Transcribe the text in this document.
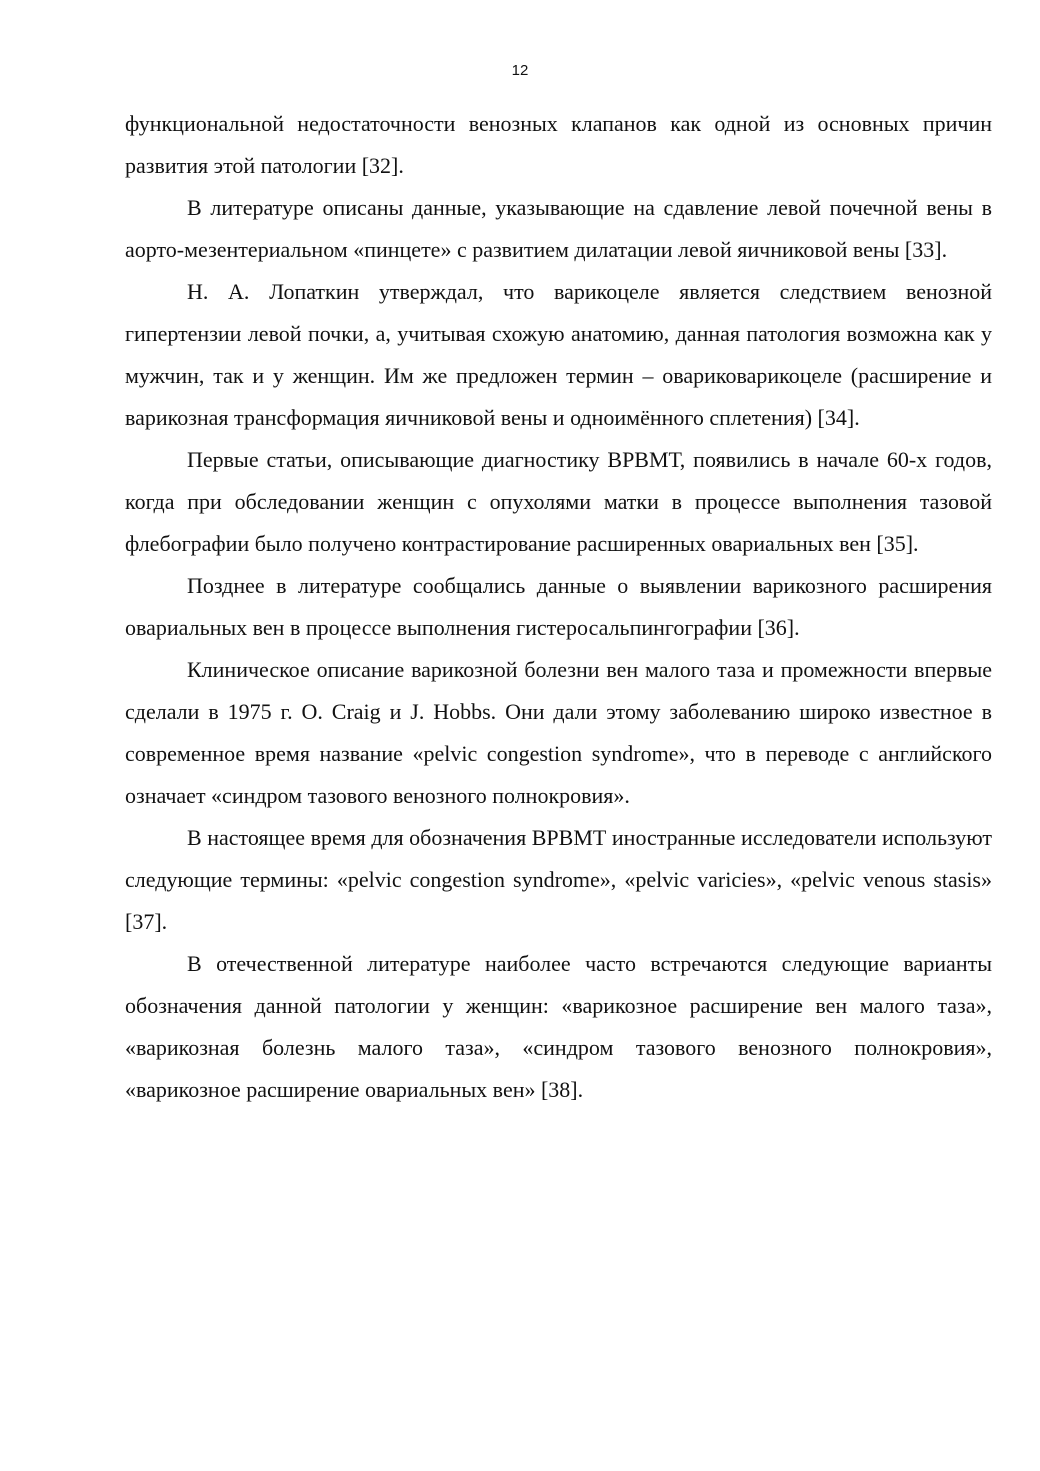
12

функциональной недостаточности венозных клапанов как одной из основных причин развития этой патологии [32].

В литературе описаны данные, указывающие на сдавление левой почечной вены в аорто-мезентериальном «пинцете» с развитием дилатации левой яичниковой вены [33].

Н. А. Лопаткин утверждал, что варикоцеле является следствием венозной гипертензии левой почки, а, учитывая схожую анатомию, данная патология возможна как у мужчин, так и у женщин. Им же предложен термин – овариковарикоцеле (расширение и варикозная трансформация яичниковой вены и одноимённого сплетения) [34].

Первые статьи, описывающие диагностику ВРВМТ, появились в начале 60-х годов, когда при обследовании женщин с опухолями матки в процессе выполнения тазовой флебографии было получено контрастирование расширенных овариальных вен [35].

Позднее в литературе сообщались данные о выявлении варикозного расширения овариальных вен в процессе выполнения гистеросальпингографии [36].

Клиническое описание варикозной болезни вен малого таза и промежности впервые сделали в 1975 г. O. Craig и J. Hobbs. Они дали этому заболеванию широко известное в современное время название «pelvic congestion syndrome», что в переводе с английского означает «синдром тазового венозного полнокровия».

В настоящее время для обозначения ВРВМТ иностранные исследователи используют следующие термины: «pelvic congestion syndrome», «pelvic varicies», «pelvic venous stasis» [37].

В отечественной литературе наиболее часто встречаются следующие варианты обозначения данной патологии у женщин: «варикозное расширение вен малого таза», «варикозная болезнь малого таза», «синдром тазового венозного полнокровия», «варикозное расширение овариальных вен» [38].
